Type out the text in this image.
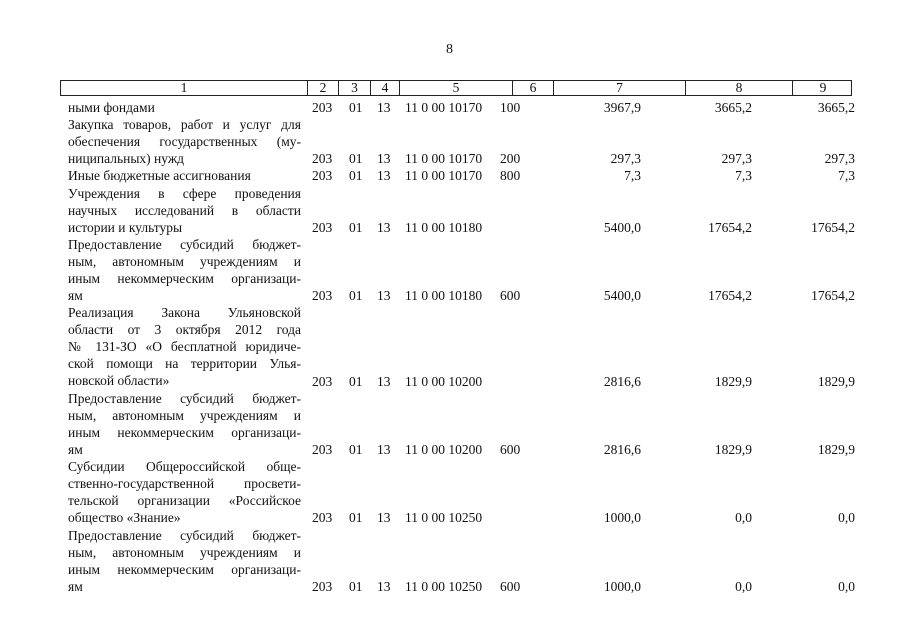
8
1	2	3	4	5	6	7	8	9
ными фондами	203 01 13 11 0 00 10170 100	3967,9	3665,2	3665,2
Закупка товаров, работ и услуг для
обеспечения государственных (му-
ниципальных) нужд	203 01 13 11 0 00 10170 200	297,3	297,3	297,3
Иные бюджетные ассигнования	203 01 13 11 0 00 10170 800	7,3	7,3	7,3
Учреждения в сфере проведения
научных исследований в области
истории и культуры	203 01 13 11 0 00 10180	5400,0	17654,2	17654,2
Предоставление субсидий бюджет-
ным, автономным учреждениям и
иным некоммерческим организаци-
ям	203 01 13 11 0 00 10180 600	5400,0	17654,2	17654,2
Реализация Закона Ульяновской
области от 3 октября 2012 года
№ 131-ЗО «О бесплатной юридиче-
ской помощи на территории Улья-
новской области»	203 01 13 11 0 00 10200	2816,6	1829,9	1829,9
Предоставление субсидий бюджет-
ным, автономным учреждениям и
иным некоммерческим организаци-
ям	203 01 13 11 0 00 10200 600	2816,6	1829,9	1829,9
Субсидии Общероссийской обще-
ственно-государственной просвети-
тельской организации «Российское
общество «Знание»	203 01 13 11 0 00 10250	1000,0	0,0	0,0
Предоставление субсидий бюджет-
ным, автономным учреждениям и
иным некоммерческим организаци-
ям	203 01 13 11 0 00 10250 600	1000,0	0,0	0,0
